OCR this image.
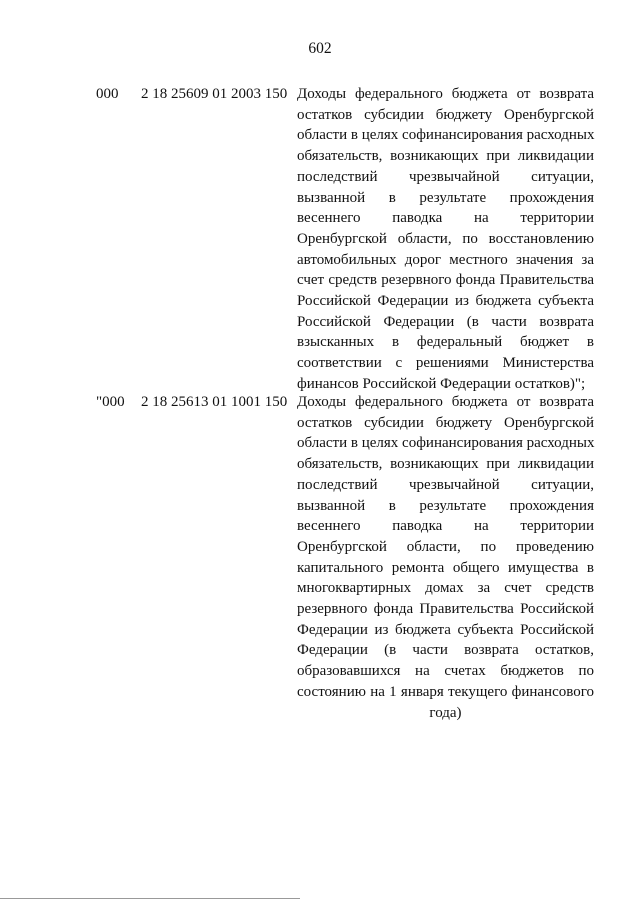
602
000 2 18 25609 01 2003 150 Доходы федерального бюджета от возврата
остатков субсидии бюджету Оренбургской
области в целях софинансирования расходных
обязательств, возникающих при ликвидации
последствий чрезвычайной ситуации,
вызванной в результате прохождения
весеннего паводка на территории
Оренбургской области, по восстановлению
автомобильных дорог местного значения за
счет средств резервного фонда Правительства
Российской Федерации из бюджета субъекта
Российской Федерации (в части возврата
взысканных в федеральный бюджет в
соответствии с решениями Министерства
финансов Российской Федерации остатков)";
"000 2 18 25613 01 1001 150 Доходы федерального бюджета от возврата
остатков субсидии бюджету Оренбургской
области в целях софинансирования расходных
обязательств, возникающих при ликвидации
последствий чрезвычайной ситуации,
вызванной в результате прохождения
весеннего паводка на территории
Оренбургской области, по проведению
капитального ремонта общего имущества в
многоквартирных домах за счет средств
резервного фонда Правительства Российской
Федерации из бюджета субъекта Российской
Федерации (в части возврата остатков,
образовавшихся на счетах бюджетов по
состоянию на 1 января текущего финансового
года)
